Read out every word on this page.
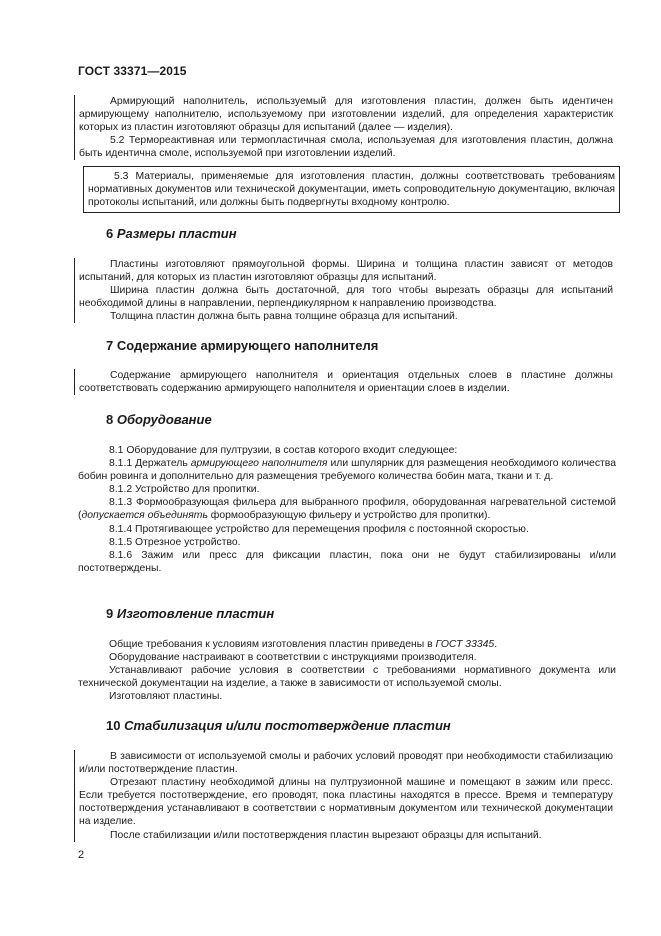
ГОСТ 33371—2015

Армирующий наполнитель, используемый для изготовления пластин, должен быть идентичен армирующему наполнителю, используемому при изготовлении изделий, для определения характеристик которых из пластин изготовляют образцы для испытаний (далее — изделия).

5.2 Термореактивная или термопластичная смола, используемая для изготовления пластин, должна быть идентична смоле, используемой при изготовлении изделий.

5.3 Материалы, применяемые для изготовления пластин, должны соответствовать требованиям нормативных документов или технической документации, иметь сопроводительную документацию, включая протоколы испытаний, или должны быть подвергнуты входному контролю.

6 Размеры пластин

Пластины изготовляют прямоугольной формы. Ширина и толщина пластин зависят от методов испытаний, для которых из пластин изготовляют образцы для испытаний.

Ширина пластин должна быть достаточной, для того чтобы вырезать образцы для испытаний необходимой длины в направлении, перпендикулярном к направлению производства.

Толщина пластин должна быть равна толщине образца для испытаний.

7 Содержание армирующего наполнителя

Содержание армирующего наполнителя и ориентация отдельных слоев в пластине должны соответствовать содержанию армирующего наполнителя и ориентации слоев в изделии.

8 Оборудование

8.1 Оборудование для пултрузии, в состав которого входит следующее:

8.1.1 Держатель армирующего наполнителя или шпулярник для размещения необходимого количества бобин ровинга и дополнительно для размещения требуемого количества бобин мата, ткани и т. д.

8.1.2 Устройство для пропитки.

8.1.3 Формообразующая фильера для выбранного профиля, оборудованная нагревательной системой (допускается объединять формообразующую фильеру и устройство для пропитки).

8.1.4 Протягивающее устройство для перемещения профиля с постоянной скоростью.

8.1.5 Отрезное устройство.

8.1.6 Зажим или пресс для фиксации пластин, пока они не будут стабилизированы и/или постотверждены.

9 Изготовление пластин

Общие требования к условиям изготовления пластин приведены в ГОСТ 33345.

Оборудование настраивают в соответствии с инструкциями производителя.

Устанавливают рабочие условия в соответствии с требованиями нормативного документа или технической документации на изделие, а также в зависимости от используемой смолы.

Изготовляют пластины.

10 Стабилизация и/или постотверждение пластин

В зависимости от используемой смолы и рабочих условий проводят при необходимости стабилизацию и/или постотверждение пластин.

Отрезают пластину необходимой длины на пултрузионной машине и помещают в зажим или пресс. Если требуется постотверждение, его проводят, пока пластины находятся в прессе. Время и температуру постотверждения устанавливают в соответствии с нормативным документом или технической документации на изделие.

После стабилизации и/или постотверждения пластин вырезают образцы для испытаний.

2
